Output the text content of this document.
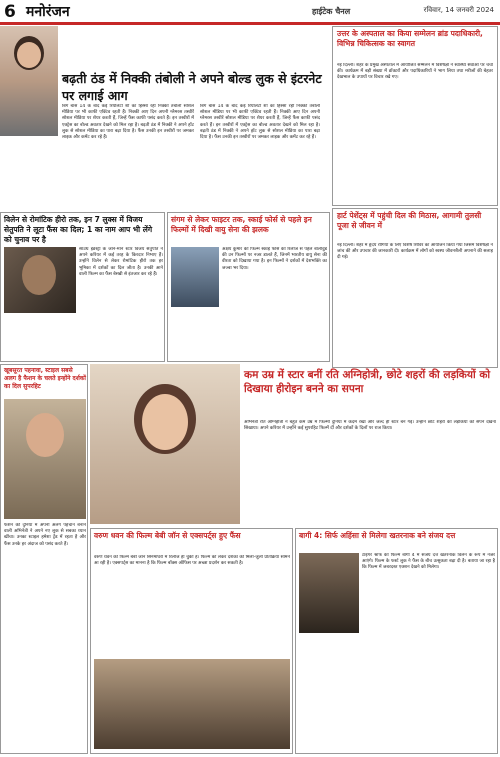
6 मनोरंजन	हाईटेक चैनल	रविवार, 14 जनवरी 2024
बढ़ती ठंड में निक्की तंबोली ने अपने बोल्ड लुक से इंटरनेट पर लगाई आग
बिग बॉस 14 के बाद कई रियलिटी शो का हिस्सा रही निक्की तंबोली सोशल मीडिया पर भी काफी एक्टिव रहती हैं। निक्की आए दिन अपनी ग्लैमरस तस्वीरें सोशल मीडिया पर शेयर करती हैं, जिन्हें फैंस काफी पसंद करते हैं। इन तस्वीरों में एक्ट्रेस का बोल्ड अवतार देखने को मिल रहा है। बढ़ती ठंड में निक्की ने अपने हॉट लुक से सोशल मीडिया का पारा बढ़ा दिया है। फैंस उनकी इन तस्वीरों पर जमकर लाइक और कमेंट कर रहे हैं।
बिग बॉस 14 के बाद कई रियलिटी शो का हिस्सा रही निक्की तंबोली सोशल मीडिया पर भी काफी एक्टिव रहती हैं। निक्की आए दिन अपनी ग्लैमरस तस्वीरें सोशल मीडिया पर शेयर करती हैं, जिन्हें फैंस काफी पसंद करते हैं। इन तस्वीरों में एक्ट्रेस का बोल्ड अवतार देखने को मिल रहा है। बढ़ती ठंड में निक्की ने अपने हॉट लुक से सोशल मीडिया का पारा बढ़ा दिया है। फैंस उनकी इन तस्वीरों पर जमकर लाइक और कमेंट कर रहे हैं।
उत्तर के अस्पताल का किया सम्मेलन ब्रांड पदाधिकारी, विभिन्न चिकित्सक का स्वागत
नई दिल्ली। शहर के प्रमुख अस्पताल में आयोजित सम्मेलन में विशेषज्ञों ने स्वास्थ्य सेवाओं पर चर्चा की। कार्यक्रम में बड़ी संख्या में डॉक्टरों और पदाधिकारियों ने भाग लिया तथा मरीजों की बेहतर देखभाल के उपायों पर विचार रखे गए।
हार्ट पेशेंट्स में पहुंची दिल की मिठास, आगामी तुलसी पूजा से जीवन में
नई दिल्ली। शहर में हृदय रोगियों के लिए विशेष शिविर का आयोजन किया गया जिसमें विशेषज्ञों ने जांच की और उपचार की जानकारी दी। कार्यक्रम में लोगों को स्वस्थ जीवनशैली अपनाने की सलाह दी गई।
विलेन से रोमांटिक हीरो तक, इन 7 लुक्स में विजय सेतुपति ने लूटा फैंस का दिल; 1 का नाम आप भी लेंगे को चुनाव पर है
साउथ इंडस्ट्री के जाने-माने स्टार विजय सेतुपति ने अपने करियर में कई तरह के किरदार निभाए हैं। उन्होंने विलेन से लेकर रोमांटिक हीरो तक हर भूमिका में दर्शकों का दिल जीता है। उनकी आने वाली फिल्म का फैंस बेसब्री से इंतजार कर रहे हैं।
संगम से लेकर फाइटर तक, स्काई फोर्स से पहले इन फिल्मों में दिखी वायु सेना की झलक
अक्षय कुमार की फिल्म स्काई फोर्स की रिलीज से पहले बॉलीवुड की उन फिल्मों पर नजर डालते हैं, जिनमें भारतीय वायु सेना की वीरता को दिखाया गया है। इन फिल्मों ने दर्शकों में देशभक्ति का जज्बा भर दिया।
खूबसूरत पहनावा, स्टाइल सबसे अलग है फैशन के चलते इन्होंने दर्शकों का दिल सुपरहिट
फैशन की दुनिया में अपनी अलग पहचान बनाने वाली अभिनेत्री ने अपने नए लुक से सबका ध्यान खींचा। उनका स्टाइल हमेशा ट्रेंड में रहता है और फैंस उनके हर अंदाज को पसंद करते हैं।
कम उम्र में स्टार बनीं रति अग्निहोत्री, छोटे शहरों की लड़कियों को दिखाया हीरोइन बनने का सपना
अभिनेत्री रति अग्निहोत्री ने बहुत कम उम्र में फिल्मी दुनिया में कदम रखा और जल्द ही स्टार बन गईं। उन्होंने छोटे शहरों की लड़कियों को सपने देखना सिखाया। अपने करियर में उन्होंने कई सुपरहिट फिल्में दीं और दर्शकों के दिलों पर राज किया।
वरुण धवन की फिल्म बेबी जॉन से एक्सपर्ट्स हुए फैंस
वरुण धवन की फिल्म बेबी जॉन सिनेमाघरों में रिलीज हो चुकी है। फिल्म को लेकर दर्शकों की मिली-जुली प्रतिक्रिया सामने आ रही है। एक्सपर्ट्स का मानना है कि फिल्म बॉक्स ऑफिस पर अच्छा प्रदर्शन कर सकती है।
बागी 4: सिर्फ अहिंसा से मिलेगा खतरनाक बने संजय दत्त
टाइगर श्रॉफ की फिल्म बागी 4 में संजय दत्त खतरनाक विलेन के रूप में नजर आएंगे। फिल्म के फर्स्ट लुक ने फैंस के बीच उत्सुकता बढ़ा दी है। बताया जा रहा है कि फिल्म में जबरदस्त एक्शन देखने को मिलेगा।
